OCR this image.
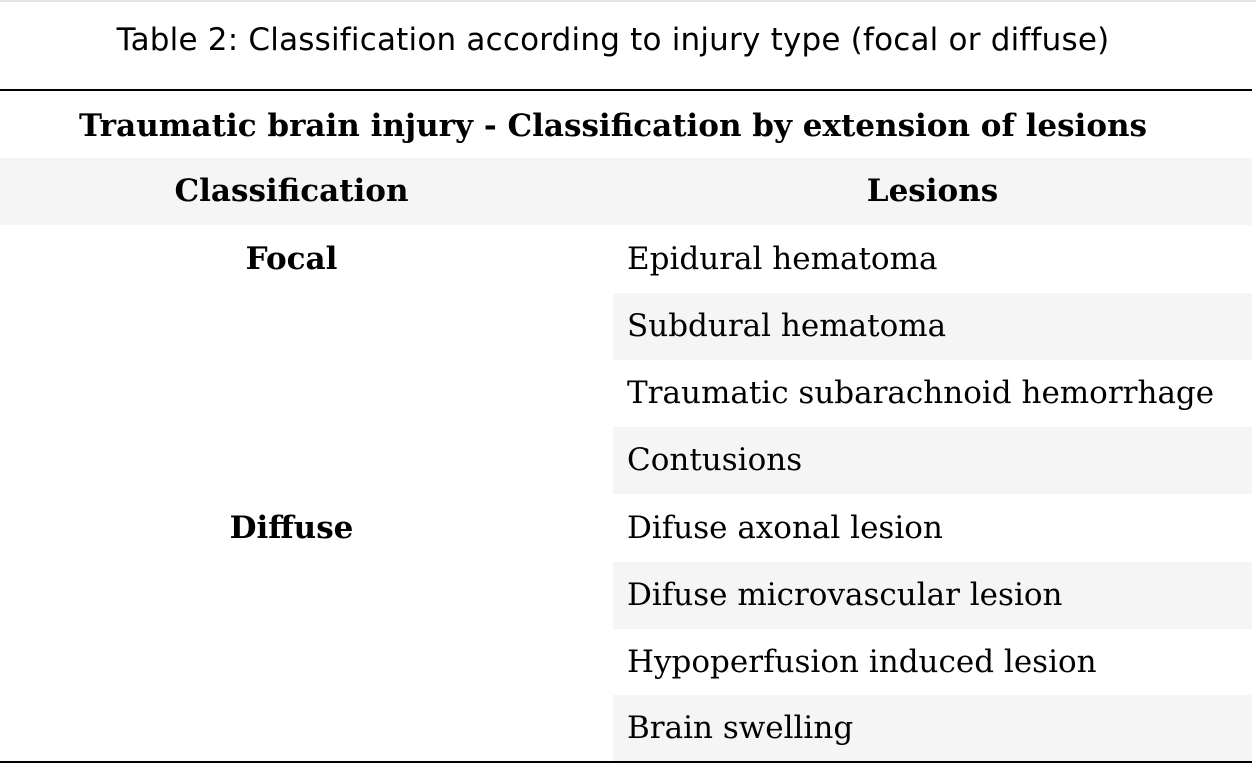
Table 2: Classification according to injury type (focal or diffuse)
Traumatic brain injury - Classification by extension of lesions
Classification	Lesions
Focal	Epidural hematoma
Subdural hematoma
Traumatic subarachnoid hemorrhage
Contusions
Diffuse	Difuse axonal lesion
Difuse microvascular lesion
Hypoperfusion induced lesion
Brain swelling
